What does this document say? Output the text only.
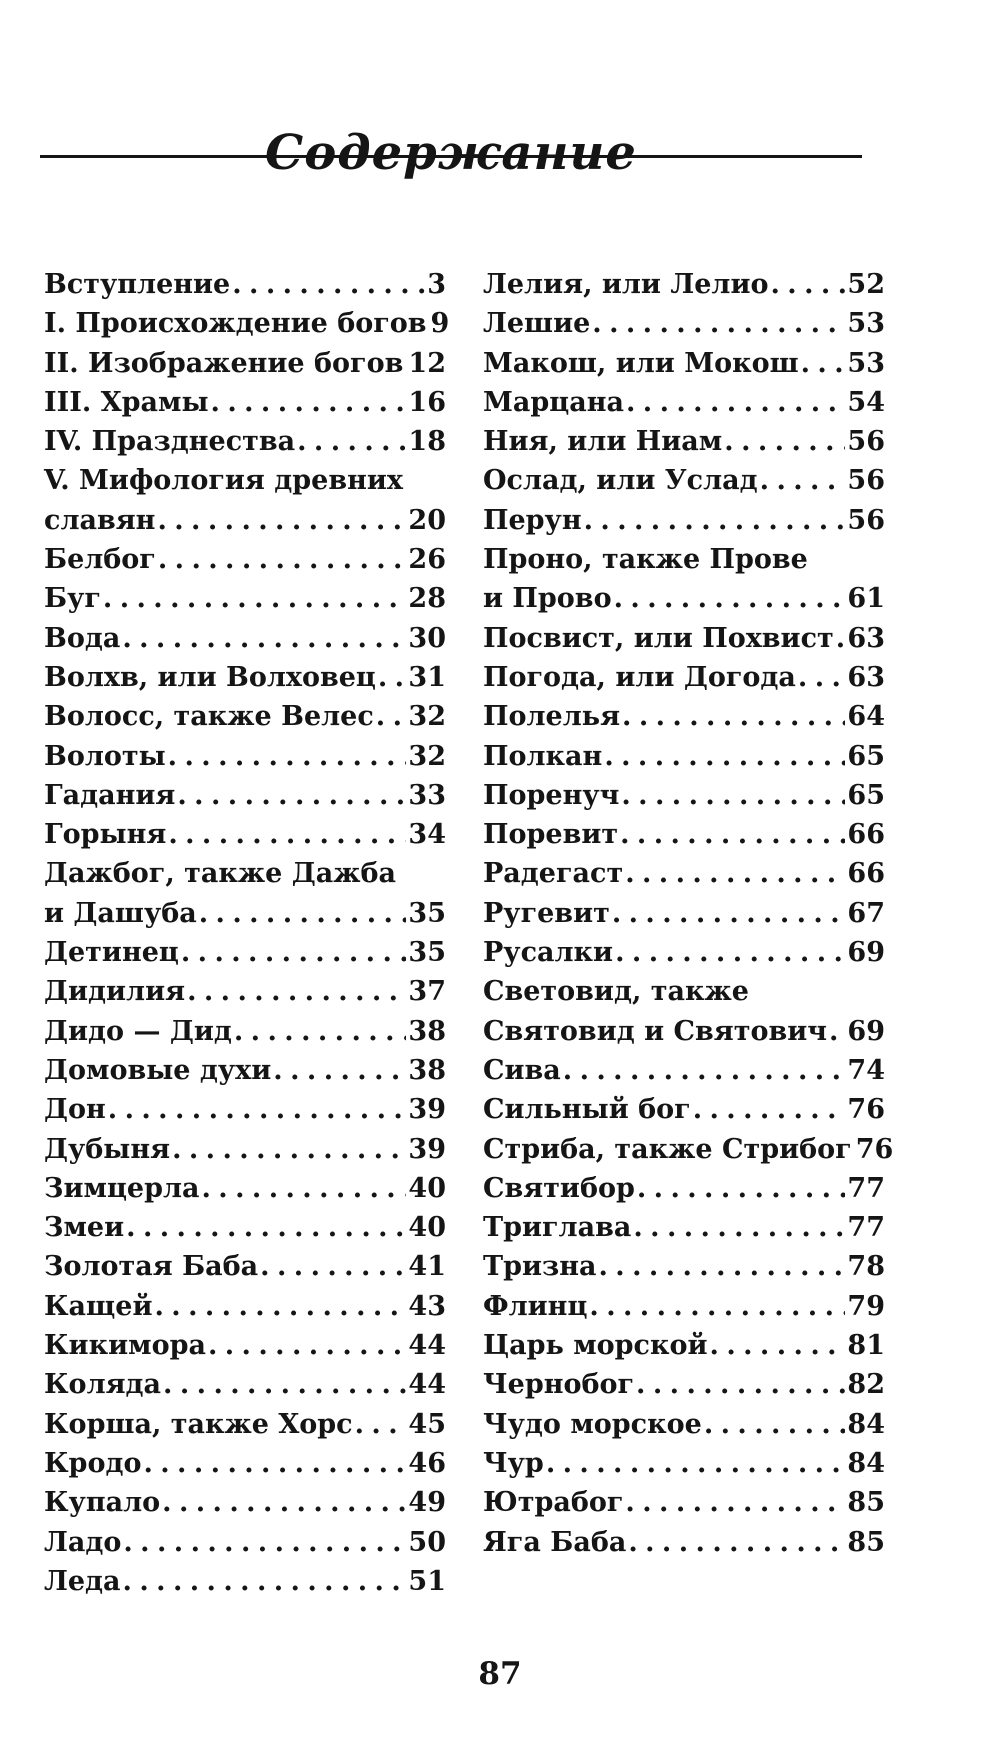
Содержание
Вступление . . .	3
I. Происхождение богов 9
II. Изображение богов . . . 12
III. Храмы . . .	16
IV. Празднества . . .	18
V. Мифология древних
славян . . .	20
Белбог . . .	26
Буг . . .	28
Вода . . .	30
Волхв, или Волховец . . . 31
Волосс, также Велес . . . 32
Волоты . . .	32
Гадания . . .	33
Горыня . . .	34
Дажбог, также Дажба
и Дашуба . . .	35
Детинец . . .	35
Дидилия . . .	37
Дидо — Дид . . .	38
Домовые духи . . .	38
Дон . . .	39
Дубыня . . .	39
Зимцерла . . .	40
Змеи . . .	40
Золотая Баба . . .	41
Кащей . . .	43
Кикимора . . .	44
Коляда . . .	44
Корша, также Хорс . . . 45
Кродо . . .	46
Купало . . .	49
Ладо . . .	50
Леда . . .	51
Лелия, или Лелио . . .	52
Лешие . . .	53
Макош, или Мокош . . . 53
Марцана . . .	54
Ния, или Ниам . . .	56
Ослад, или Услад . . .	56
Перун . . .	56
Проно, также Прове
и Прово . . .	61
Посвист, или Похвист . . . 63
Погода, или Догода . . . 63
Полелья . . .	64
Полкан . . .	65
Поренуч . . .	65
Поревит . . .	66
Радегаст . . .	66
Ругевит . . .	67
Русалки . . .	69
Световид, также
Святовид и Святович . . . 69
Сива . . .	74
Сильный бог . . .	76
Стриба, также Стрибог 76
Святибор . . .	77
Триглава . . .	77
Тризна . . .	78
Флинц . . .	79
Царь морской . . .	81
Чернобог . . .	82
Чудо морское . . .	84
Чур . . .	84
Ютрабог . . .	85
Яга Баба . . .	85
87
